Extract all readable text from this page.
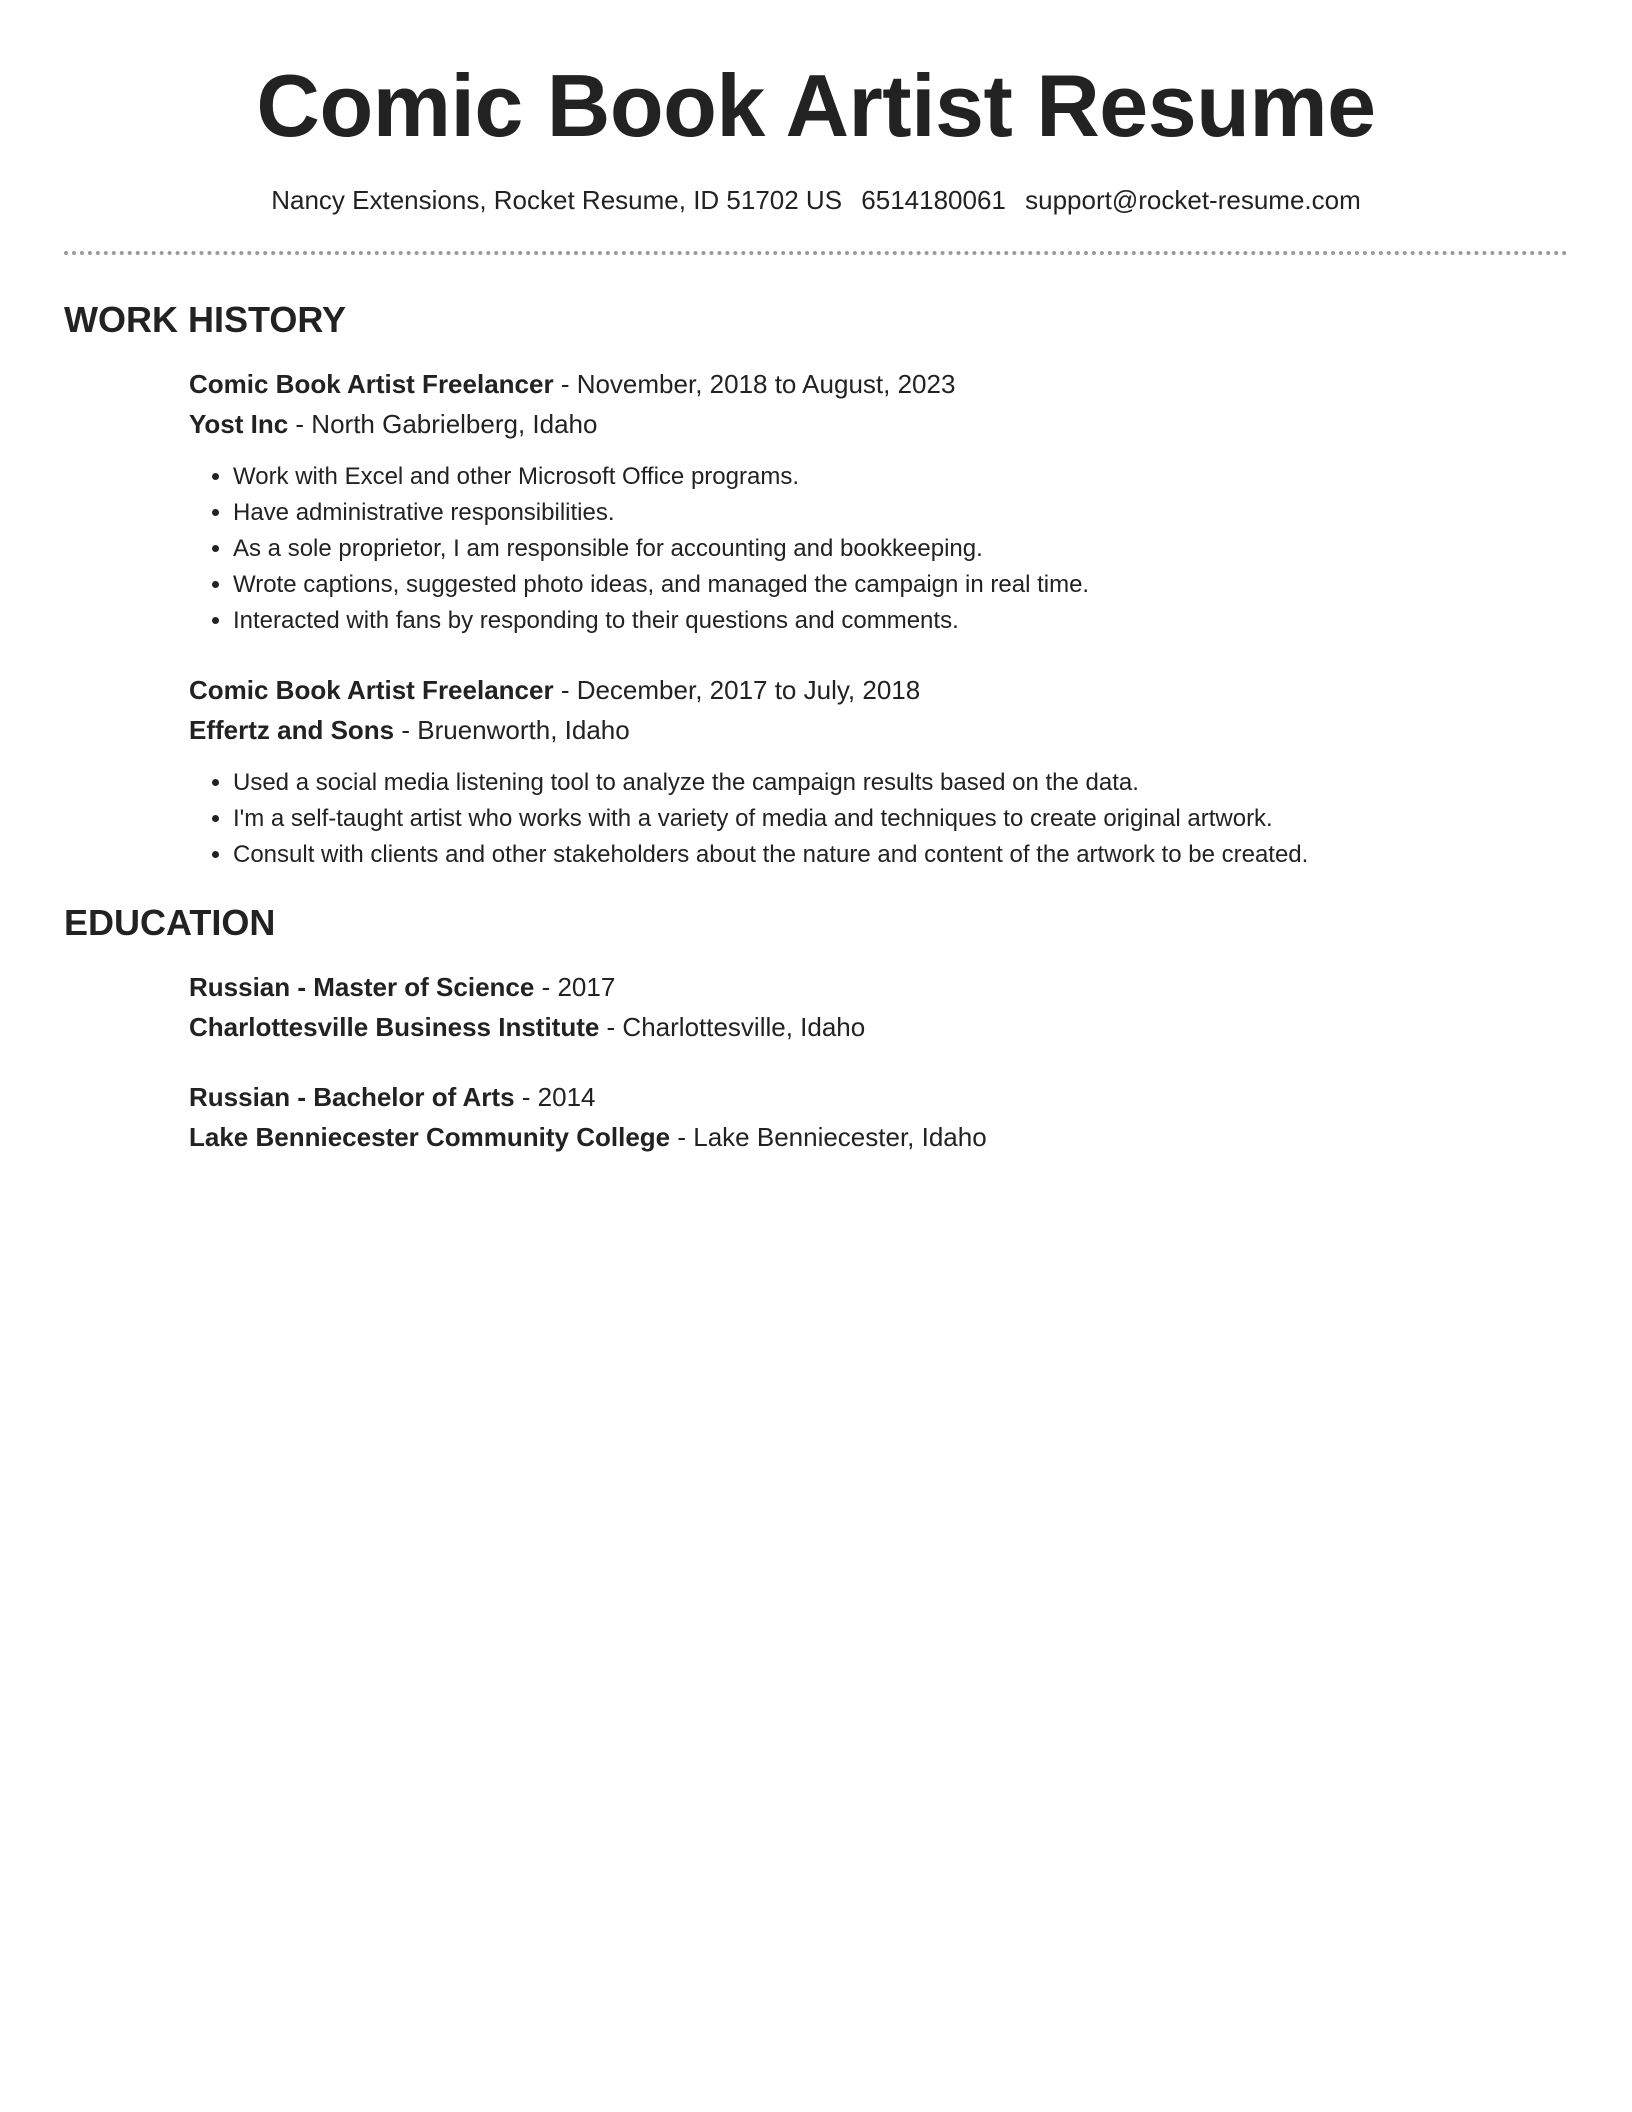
Comic Book Artist Resume
Nancy Extensions, Rocket Resume, ID 51702 US 6514180061 support@rocket-resume.com
WORK HISTORY
Comic Book Artist Freelancer - November, 2018 to August, 2023
Yost Inc - North Gabrielberg, Idaho
• Work with Excel and other Microsoft Office programs.
• Have administrative responsibilities.
• As a sole proprietor, I am responsible for accounting and bookkeeping.
• Wrote captions, suggested photo ideas, and managed the campaign in real time.
• Interacted with fans by responding to their questions and comments.
Comic Book Artist Freelancer - December, 2017 to July, 2018
Effertz and Sons - Bruenworth, Idaho
• Used a social media listening tool to analyze the campaign results based on the data.
• I'm a self-taught artist who works with a variety of media and techniques to create original artwork.
• Consult with clients and other stakeholders about the nature and content of the artwork to be created.
EDUCATION
Russian - Master of Science - 2017
Charlottesville Business Institute - Charlottesville, Idaho
Russian - Bachelor of Arts - 2014
Lake Benniecester Community College - Lake Benniecester, Idaho
